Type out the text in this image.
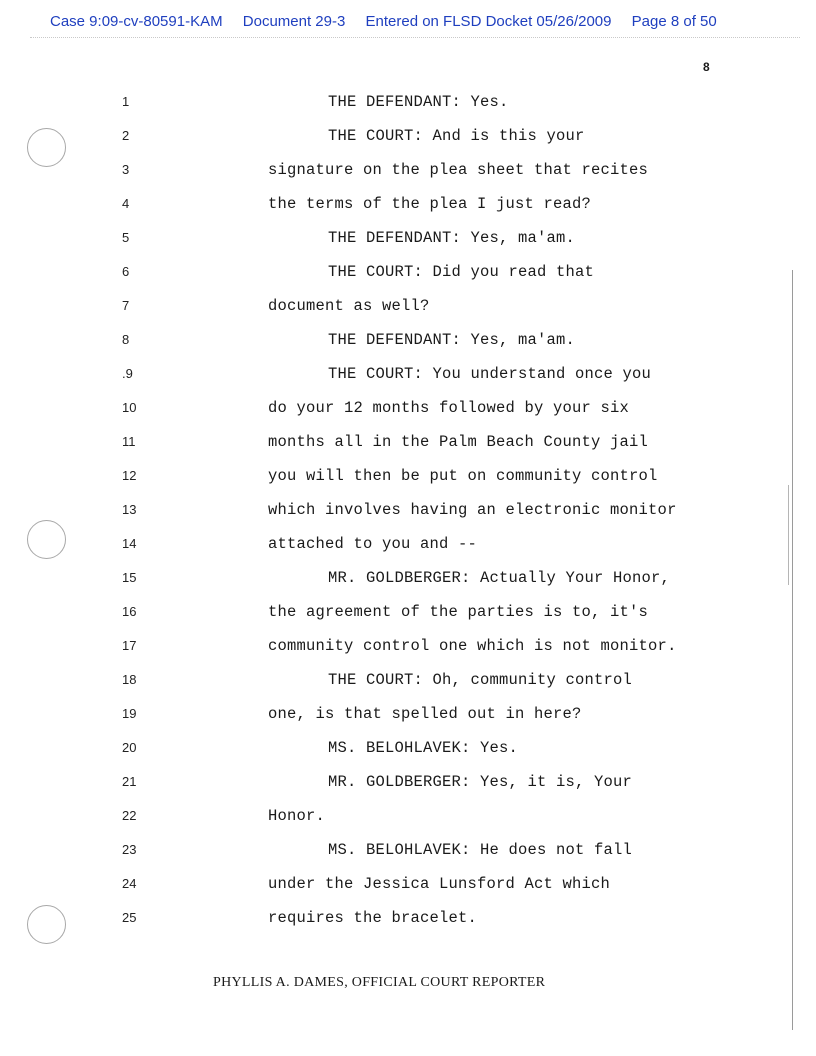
Case 9:09-cv-80591-KAM Document 29-3 Entered on FLSD Docket 05/26/2009 Page 8 of 50
8
1	THE DEFENDANT: Yes.
2	THE COURT: And is this your
3	signature on the plea sheet that recites
4	the terms of the plea I just read?
5	THE DEFENDANT: Yes, ma'am.
6	THE COURT: Did you read that
7	document as well?
8	THE DEFENDANT: Yes, ma'am.
.9	THE COURT: You understand once you
10	do your 12 months followed by your six
11	months all in the Palm Beach County jail
12	you will then be put on community control
13	which involves having an electronic monitor
14	attached to you and --
15	MR. GOLDBERGER: Actually Your Honor,
16	the agreement of the parties is to, it's
17	community control one which is not monitor.
18	THE COURT: Oh, community control
19	one, is that spelled out in here?
20	MS. BELOHLAVEK: Yes.
21	MR. GOLDBERGER: Yes, it is, Your
22	Honor.
23	MS. BELOHLAVEK: He does not fall
24	under the Jessica Lunsford Act which
25	requires the bracelet.
PHYLLIS A. DAMES, OFFICIAL COURT REPORTER
